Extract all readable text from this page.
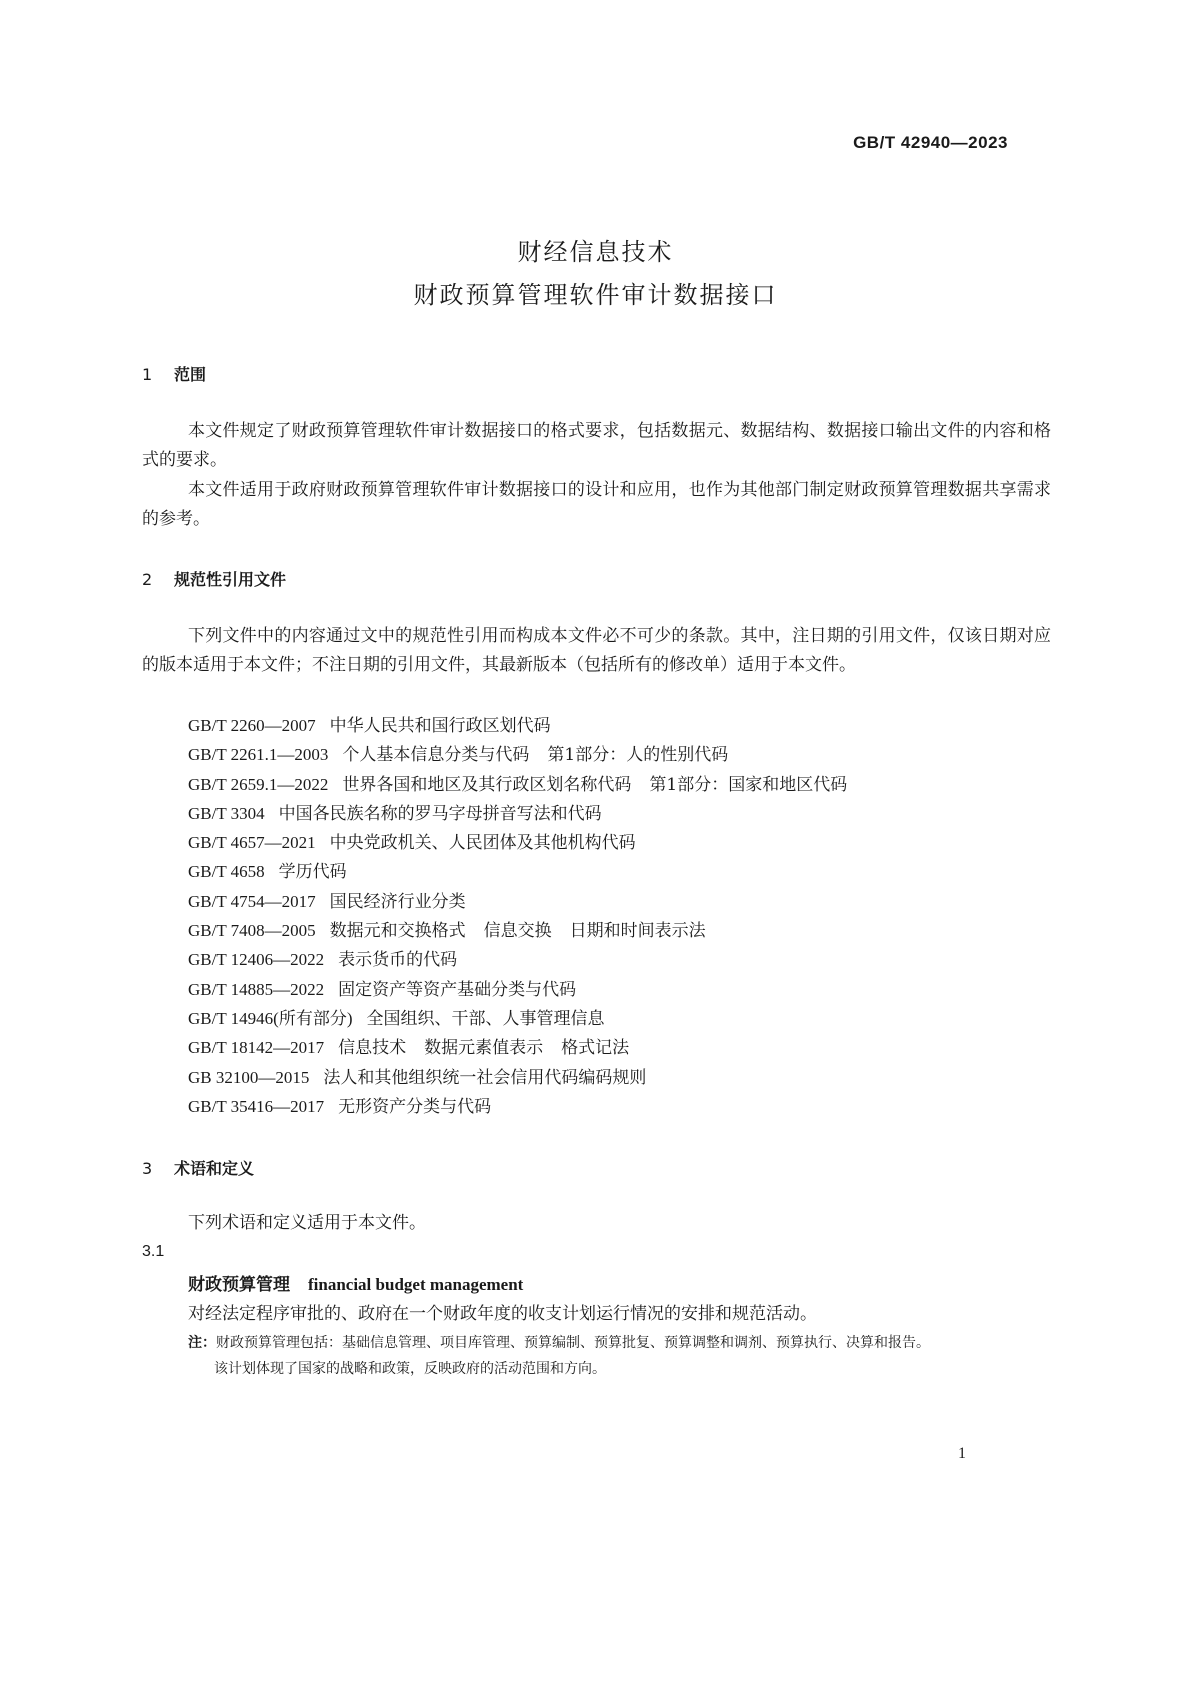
GB/T 42940—2023
财经信息技术
财政预算管理软件审计数据接口
1 范围

本文件规定了财政预算管理软件审计数据接口的格式要求，包括数据元、数据结构、数据接口输出文件的内容和格式的要求。

本文件适用于政府财政预算管理软件审计数据接口的设计和应用，也作为其他部门制定财政预算管理数据共享需求的参考。

2 规范性引用文件

下列文件中的内容通过文中的规范性引用而构成本文件必不可少的条款。其中，注日期的引用文件，仅该日期对应的版本适用于本文件；不注日期的引用文件，其最新版本（包括所有的修改单）适用于本文件。

GB/T 2260—2007 中华人民共和国行政区划代码
GB/T 2261.1—2003 个人基本信息分类与代码 第1部分：人的性别代码
GB/T 2659.1—2022 世界各国和地区及其行政区划名称代码 第1部分：国家和地区代码
GB/T 3304 中国各民族名称的罗马字母拼音写法和代码
GB/T 4657—2021 中央党政机关、人民团体及其他机构代码
GB/T 4658 学历代码
GB/T 4754—2017 国民经济行业分类
GB/T 7408—2005 数据元和交换格式 信息交换 日期和时间表示法
GB/T 12406—2022 表示货币的代码
GB/T 14885—2022 固定资产等资产基础分类与代码
GB/T 14946(所有部分) 全国组织、干部、人事管理信息
GB/T 18142—2017 信息技术 数据元素值表示 格式记法
GB 32100—2015 法人和其他组织统一社会信用代码编码规则
GB/T 35416—2017 无形资产分类与代码
3 术语和定义

下列术语和定义适用于本文件。

3.1
财政预算管理 financial budget management
对经法定程序审批的、政府在一个财政年度的收支计划运行情况的安排和规范活动。
注：财政预算管理包括：基础信息管理、项目库管理、预算编制、预算批复、预算调整和调剂、预算执行、决算和报告。
该计划体现了国家的战略和政策，反映政府的活动范围和方向。
1
